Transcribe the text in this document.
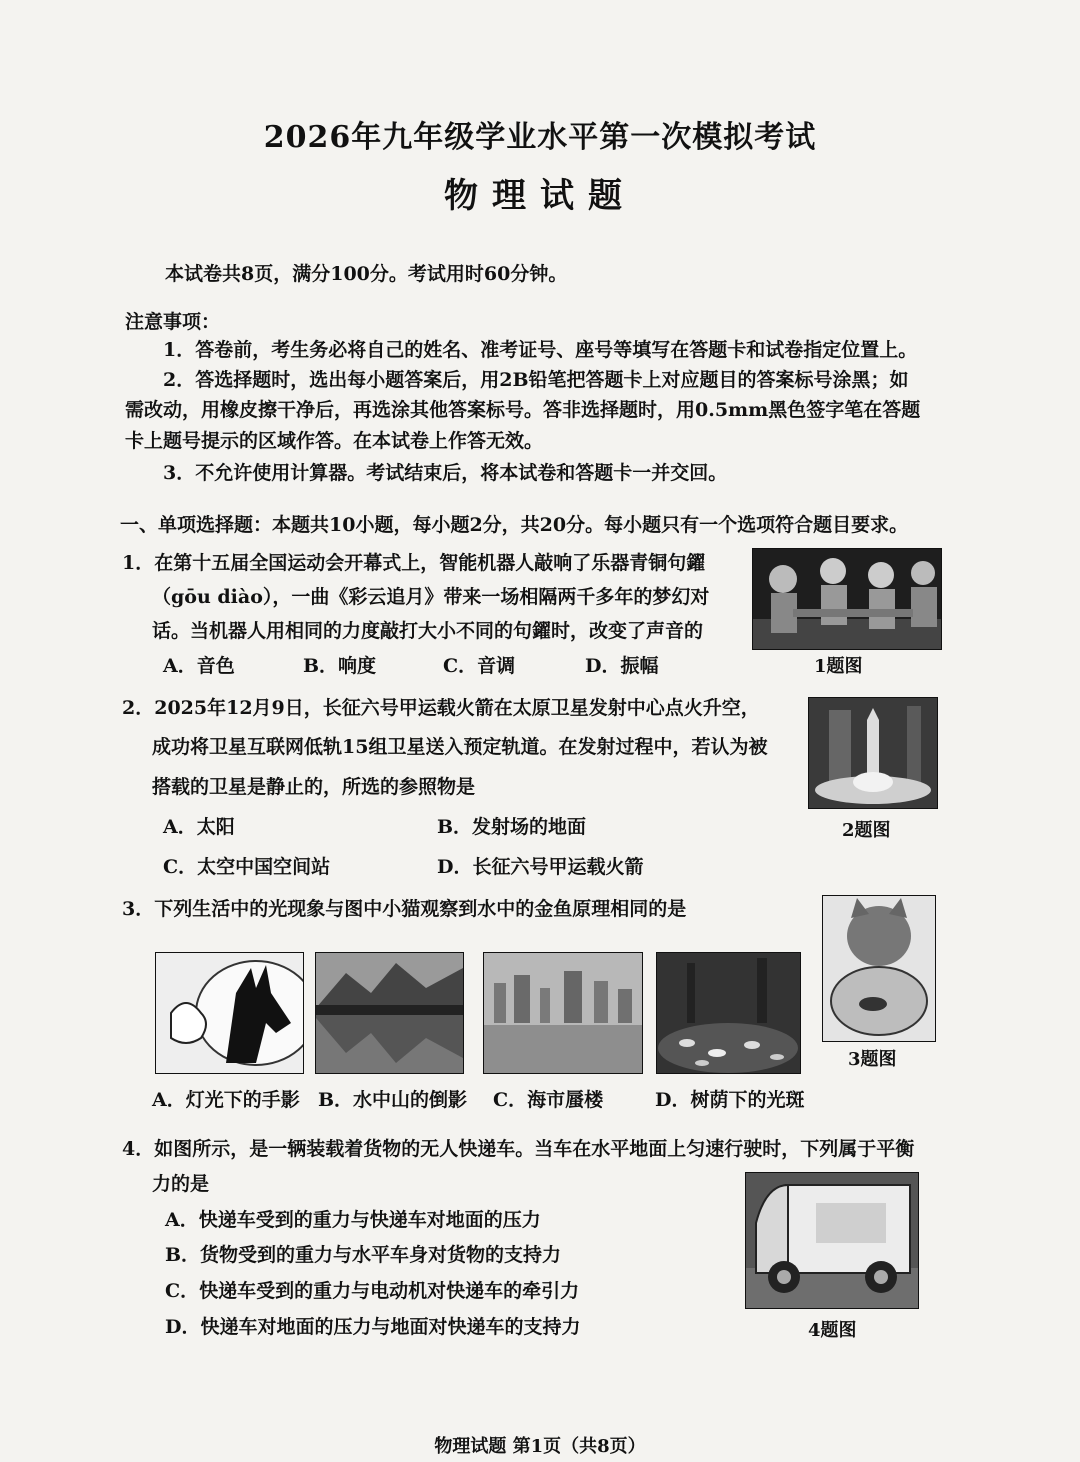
2026年九年级学业水平第一次模拟考试
物理试题
本试卷共8页，满分100分。考试用时60分钟。
注意事项：
1．答卷前，考生务必将自己的姓名、准考证号、座号等填写在答题卡和试卷指定位置上。
2．答选择题时，选出每小题答案后，用2B铅笔把答题卡上对应题目的答案标号涂黑；如
需改动，用橡皮擦干净后，再选涂其他答案标号。答非选择题时，用0.5mm黑色签字笔在答题
卡上题号提示的区域作答。在本试卷上作答无效。
3．不允许使用计算器。考试结束后，将本试卷和答题卡一并交回。
一、单项选择题：本题共10小题，每小题2分，共20分。每小题只有一个选项符合题目要求。
1．在第十五届全国运动会开幕式上，智能机器人敲响了乐器青铜句鑃
（gōu diào），一曲《彩云追月》带来一场相隔两千多年的梦幻对
话。当机器人用相同的力度敲打大小不同的句鑃时，改变了声音的
A．音色	B．响度	C．音调	D．振幅	1题图
2．2025年12月9日，长征六号甲运载火箭在太原卫星发射中心点火升空，
成功将卫星互联网低轨15组卫星送入预定轨道。在发射过程中，若认为被
搭载的卫星是静止的，所选的参照物是
A．太阳	B．发射场的地面
C．太空中国空间站	D．长征六号甲运载火箭
2题图
3．下列生活中的光现象与图中小猫观察到水中的金鱼原理相同的是
3题图
A．灯光下的手影 B．水中山的倒影 C．海市蜃楼	D．树荫下的光斑
4．如图所示，是一辆装载着货物的无人快递车。当车在水平地面上匀速行驶时，下列属于平衡
力的是
A．快递车受到的重力与快递车对地面的压力
B．货物受到的重力与水平车身对货物的支持力
C．快递车受到的重力与电动机对快递车的牵引力
D．快递车对地面的压力与地面对快递车的支持力	4题图
物理试题 第1页（共8页）
